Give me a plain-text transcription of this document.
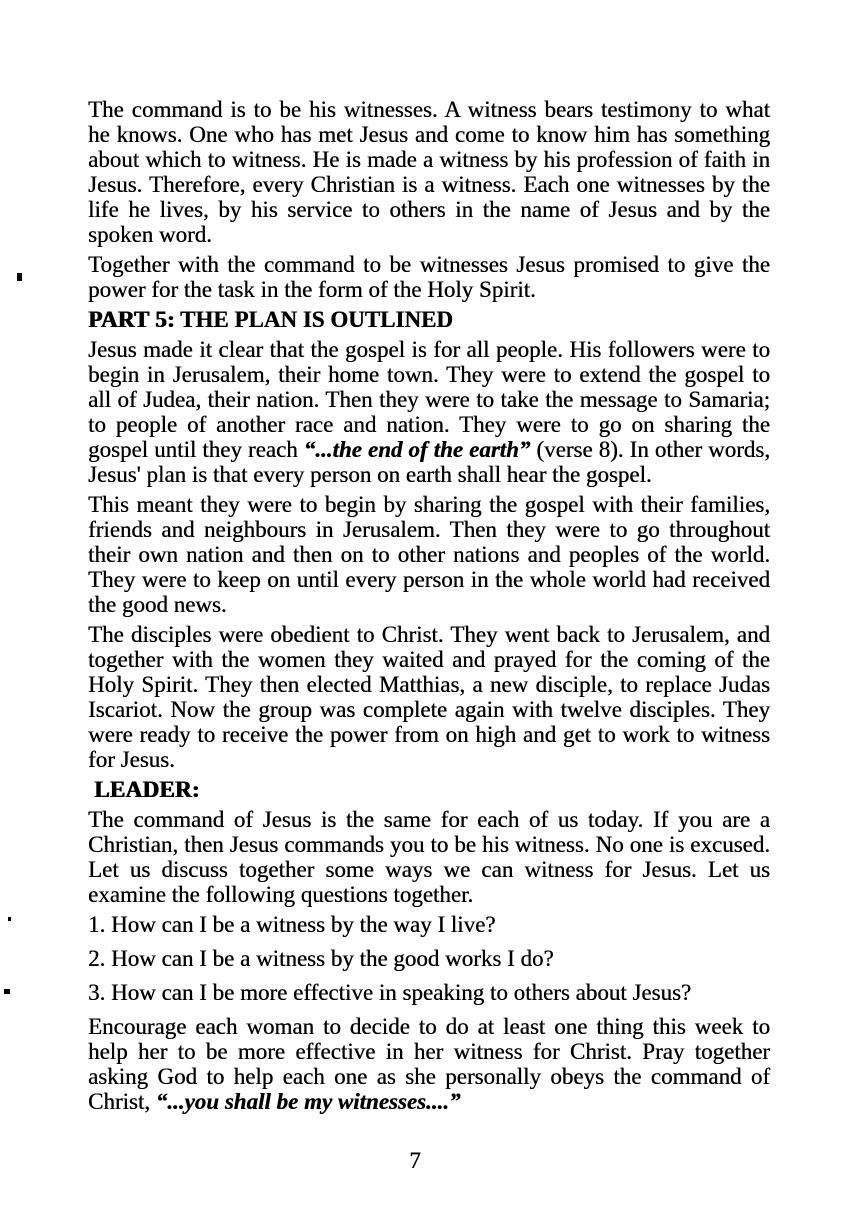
The command is to be his witnesses. A witness bears testimony to what he knows. One who has met Jesus and come to know him has something about which to witness. He is made a witness by his profession of faith in Jesus. Therefore, every Christian is a witness. Each one witnesses by the life he lives, by his service to others in the name of Jesus and by the spoken word.

Together with the command to be witnesses Jesus promised to give the power for the task in the form of the Holy Spirit.

PART 5: THE PLAN IS OUTLINED

Jesus made it clear that the gospel is for all people. His followers were to begin in Jerusalem, their home town. They were to extend the gospel to all of Judea, their nation. Then they were to take the message to Samaria; to people of another race and nation. They were to go on sharing the gospel until they reach “...the end of the earth” (verse 8). In other words, Jesus' plan is that every person on earth shall hear the gospel.

This meant they were to begin by sharing the gospel with their families, friends and neighbours in Jerusalem. Then they were to go throughout their own nation and then on to other nations and peoples of the world. They were to keep on until every person in the whole world had received the good news.

The disciples were obedient to Christ. They went back to Jerusalem, and together with the women they waited and prayed for the coming of the Holy Spirit. They then elected Matthias, a new disciple, to replace Judas Iscariot. Now the group was complete again with twelve disciples. They were ready to receive the power from on high and get to work to witness for Jesus.

LEADER:

The command of Jesus is the same for each of us today. If you are a Christian, then Jesus commands you to be his witness. No one is excused. Let us discuss together some ways we can witness for Jesus. Let us examine the following questions together.

1. How can I be a witness by the way I live?

2. How can I be a witness by the good works I do?

3. How can I be more effective in speaking to others about Jesus?

Encourage each woman to decide to do at least one thing this week to help her to be more effective in her witness for Christ. Pray together asking God to help each one as she personally obeys the command of Christ, “...you shall be my witnesses....”

7
